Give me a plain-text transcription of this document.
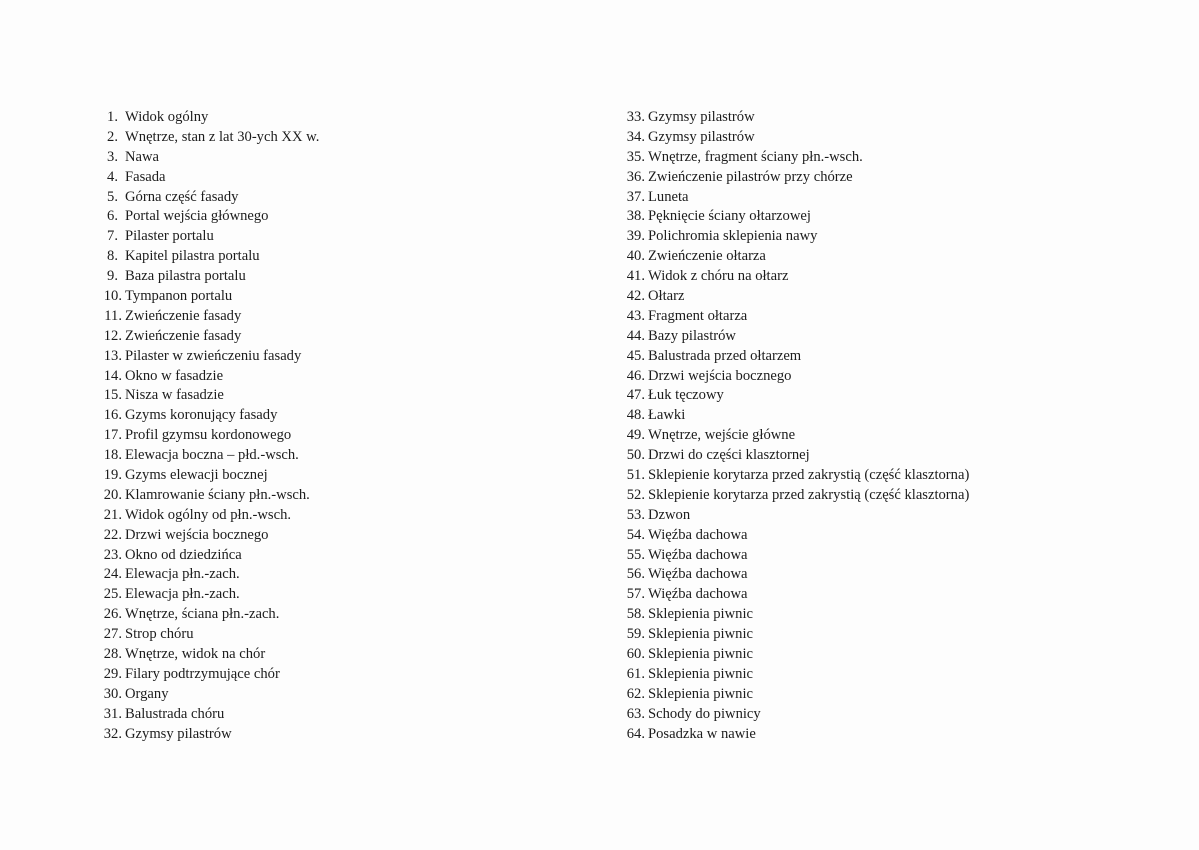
1. Widok ogólny
2. Wnętrze, stan z lat 30-ych XX w.
3. Nawa
4. Fasada
5. Górna część fasady
6. Portal wejścia głównego
7. Pilaster portalu
8. Kapitel pilastra portalu
9. Baza pilastra portalu
10. Tympanon portalu
11. Zwieńczenie fasady
12. Zwieńczenie fasady
13. Pilaster w zwieńczeniu fasady
14. Okno w fasadzie
15. Nisza w fasadzie
16. Gzyms koronujący fasady
17. Profil gzymsu kordonowego
18. Elewacja boczna – płd.-wsch.
19. Gzyms elewacji bocznej
20. Klamrowanie ściany płn.-wsch.
21. Widok ogólny od płn.-wsch.
22. Drzwi wejścia bocznego
23. Okno od dziedzińca
24. Elewacja płn.-zach.
25. Elewacja płn.-zach.
26. Wnętrze, ściana płn.-zach.
27. Strop chóru
28. Wnętrze, widok na chór
29. Filary podtrzymujące chór
30. Organy
31. Balustrada chóru
32. Gzymsy pilastrów
33. Gzymsy pilastrów
34. Gzymsy pilastrów
35. Wnętrze, fragment ściany płn.-wsch.
36. Zwieńczenie pilastrów przy chórze
37. Luneta
38. Pęknięcie ściany ołtarzowej
39. Polichromia sklepienia nawy
40. Zwieńczenie ołtarza
41. Widok z chóru na ołtarz
42. Ołtarz
43. Fragment ołtarza
44. Bazy pilastrów
45. Balustrada przed ołtarzem
46. Drzwi wejścia bocznego
47. Łuk tęczowy
48. Ławki
49. Wnętrze, wejście główne
50. Drzwi do części klasztornej
51. Sklepienie korytarza przed zakrystią (część klasztorna)
52. Sklepienie korytarza przed zakrystią (część klasztorna)
53. Dzwon
54. Więźba dachowa
55. Więźba dachowa
56. Więźba dachowa
57. Więźba dachowa
58. Sklepienia piwnic
59. Sklepienia piwnic
60. Sklepienia piwnic
61. Sklepienia piwnic
62. Sklepienia piwnic
63. Schody do piwnicy
64. Posadzka w nawie
